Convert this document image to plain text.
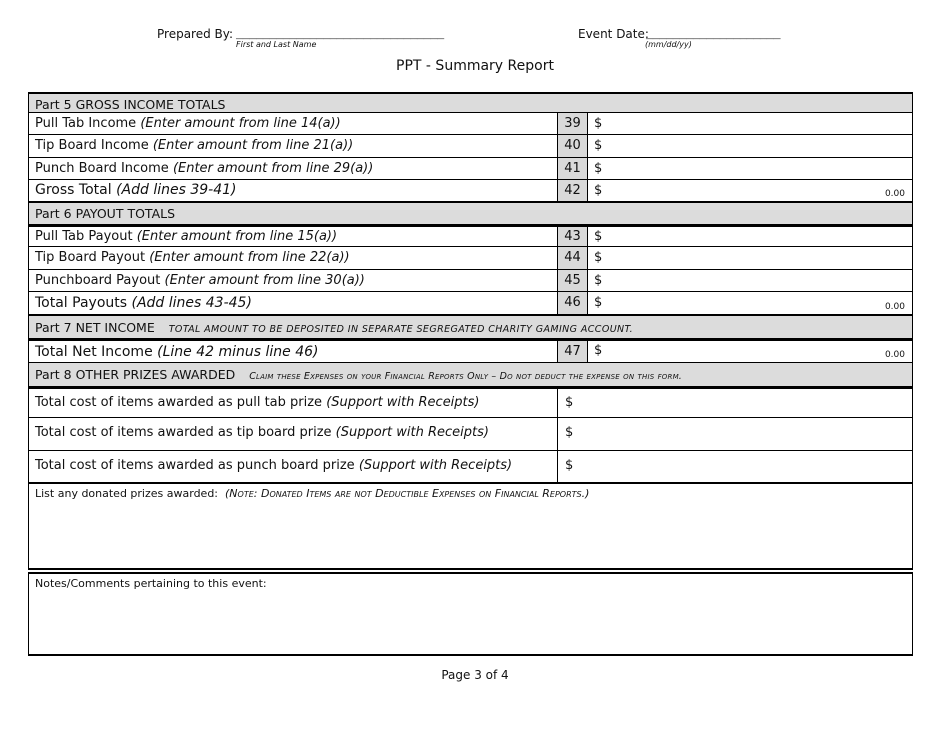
Prepared By: _______________________________
First and Last Name
Event Date:
____________________
(mm/dd/yy)
PPT - Summary Report
Part 5 GROSS INCOME TOTALS
Pull Tab Income (Enter amount from line 14(a))	39	$
Tip Board Income (Enter amount from line 21(a))	40	$
Punch Board Income (Enter amount from line 29(a))	41	$
Gross Total (Add lines 39-41)	42	$	0.00
Part 6 PAYOUT TOTALS
Pull Tab Payout (Enter amount from line 15(a))	43	$
Tip Board Payout (Enter amount from line 22(a))	44	$
Punchboard Payout (Enter amount from line 30(a))	45	$
Total Payouts (Add lines 43-45)	46	$	0.00
Part 7 NET INCOME TOTAL AMOUNT TO BE DEPOSITED IN SEPARATE SEGREGATED CHARITY GAMING ACCOUNT.
Total Net Income (Line 42 minus line 46)	47	$	0.00
Part 8 OTHER PRIZES AWARDED Claim these Expenses on your Financial Reports Only – Do not deduct the expense on this form.
Total cost of items awarded as pull tab prize (Support with Receipts)	$
Total cost of items awarded as tip board prize (Support with Receipts)	$
Total cost of items awarded as punch board prize (Support with Receipts)	$
List any donated prizes awarded: (Note: Donated Items are not Deductible Expenses on Financial Reports.)
Notes/Comments pertaining to this event:
Page 3 of 4
